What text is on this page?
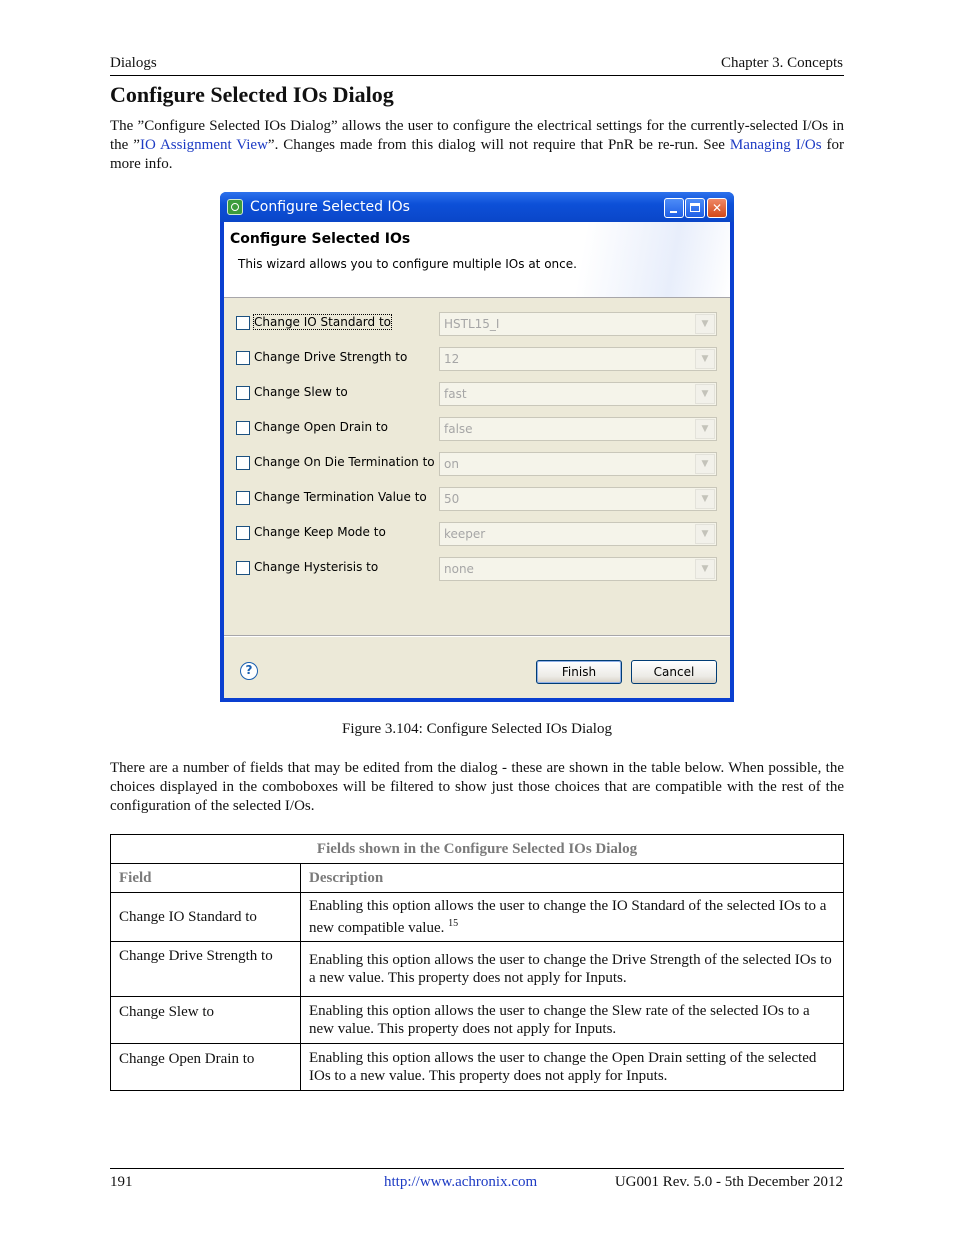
Dialogs	Chapter 3. Concepts
Configure Selected IOs Dialog
The ”Configure Selected IOs Dialog” allows the user to configure the electrical settings for the currently-selected I/Os in the ”IO Assignment View”. Changes made from this dialog will not require that PnR be re-run. See Managing I/Os for more info.
Configure Selected IOs	✕
Configure Selected IOs
This wizard allows you to configure multiple IOs at once.
Change IO Standard to	HSTL15_I	▼
Change Drive Strength to	12	▼
Change Slew to	fast	▼
Change Open Drain to	false	▼
Change On Die Termination to on	▼
Change Termination Value to 50	▼
Change Keep Mode to	keeper	▼
Change Hysterisis to	none	▼
?	Finish	Cancel
Figure 3.104: Configure Selected IOs Dialog
There are a number of fields that may be edited from the dialog - these are shown in the table below. When possible, the choices displayed in the comboboxes will be filtered to show just those choices that are compatible with the rest of the configuration of the selected I/Os.
Fields shown in the Configure Selected IOs Dialog	
Field	Description
Change IO Standard to	Enabling this option allows the user to change the IO Standard of the selected IOs to a new compatible value. $^{15}$
Change Drive Strength to	Enabling this option allows the user to change the Drive Strength of the selected IOs to a new value. This property does not apply for Inputs.
Change Slew to	Enabling this option allows the user to change the Slew rate of the selected IOs to a new value. This property does not apply for Inputs.
Change Open Drain to	Enabling this option allows the user to change the Open Drain setting of the selected IOs to a new value. This property does not apply for Inputs.
191	http://www.achronix.com	UG001 Rev. 5.0 - 5th December 2012
